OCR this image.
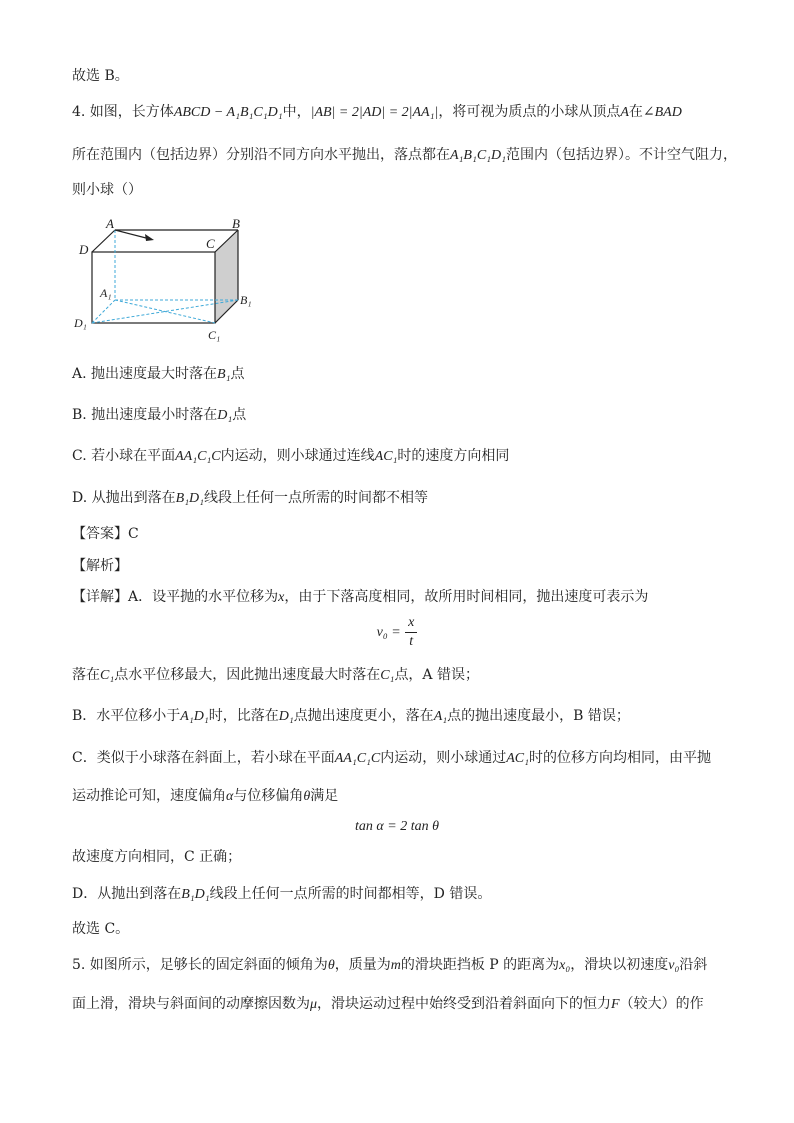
故选 B。
4. 如图，长方体ABCD − A₁B₁C₁D₁中，|AB| = 2|AD| = 2|AA₁|，将可视为质点的小球从顶点A在∠BAD
所在范围内（包括边界）分别沿不同方向水平抛出，落点都在A₁B₁C₁D₁范围内（包括边界）。不计空气阻力，
则小球（）
A	B
C
D
A₁	B₁
C₁
D₁
A. 抛出速度最大时落在B₁点
B. 抛出速度最小时落在D₁点
C. 若小球在平面AA₁C₁C内运动，则小球通过连线AC₁时的速度方向相同
D. 从抛出到落在B₁D₁线段上任何一点所需的时间都不相等
【答案】C
【解析】
【详解】A．设平抛的水平位移为x，由于下落高度相同，故所用时间相同，抛出速度可表示为
$v_0 = \frac{x}{t}$
落在C₁点水平位移最大，因此抛出速度最大时落在C₁点，A 错误；
B．水平位移小于A₁D₁时，比落在D₁点抛出速度更小，落在A₁点的抛出速度最小，B 错误；
C．类似于小球落在斜面上，若小球在平面AA₁C₁C内运动，则小球通过AC₁时的位移方向均相同，由平抛
运动推论可知，速度偏角α与位移偏角θ满足
tan α = 2 tan θ
故速度方向相同，C 正确；
D．从抛出到落在B₁D₁线段上任何一点所需的时间都相等，D 错误。
故选 C。
5. 如图所示，足够长的固定斜面的倾角为θ，质量为m的滑块距挡板 P 的距离为x₀，滑块以初速度v₀沿斜
面上滑，滑块与斜面间的动摩擦因数为μ，滑块运动过程中始终受到沿着斜面向下的恒力F（较大）的作
